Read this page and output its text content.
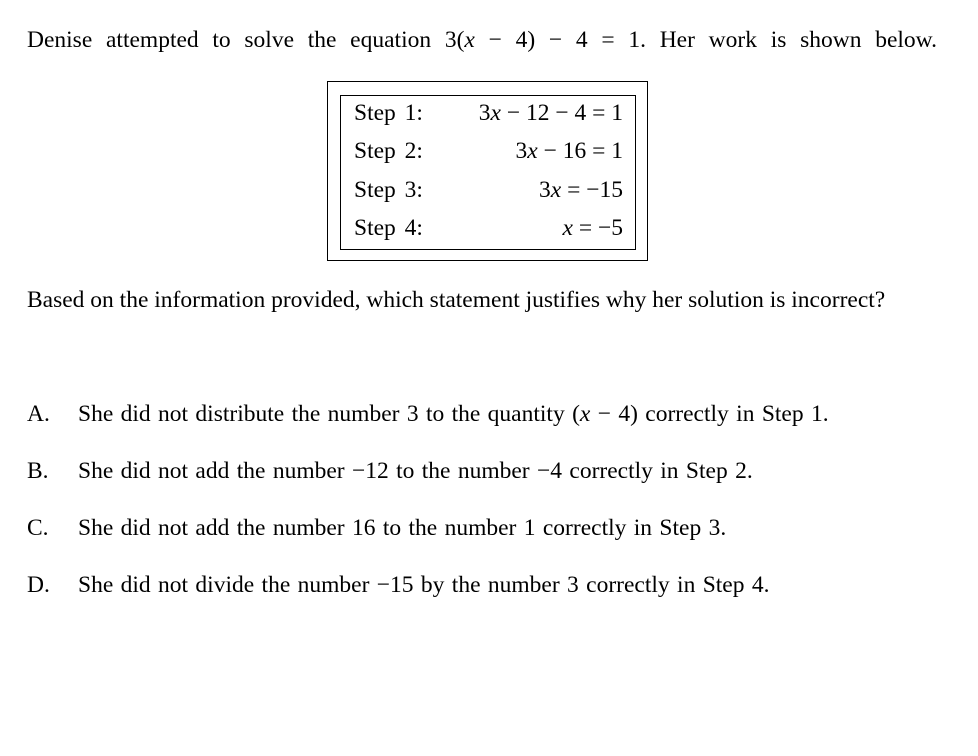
Denise attempted to solve the equation 3(x − 4) − 4 = 1. Her work is shown below.
Step 1: 3x − 12 − 4 = 1
Step 2:	3x − 16 = 1
Step 3:	3x = −15
Step 4:	x = −5
Based on the information provided, which statement justifies why her solution is incorrect?
A. She did not distribute the number 3 to the quantity (x − 4) correctly in Step 1.
B. She did not add the number −12 to the number −4 correctly in Step 2.
C. She did not add the number 16 to the number 1 correctly in Step 3.
D. She did not divide the number −15 by the number 3 correctly in Step 4.
